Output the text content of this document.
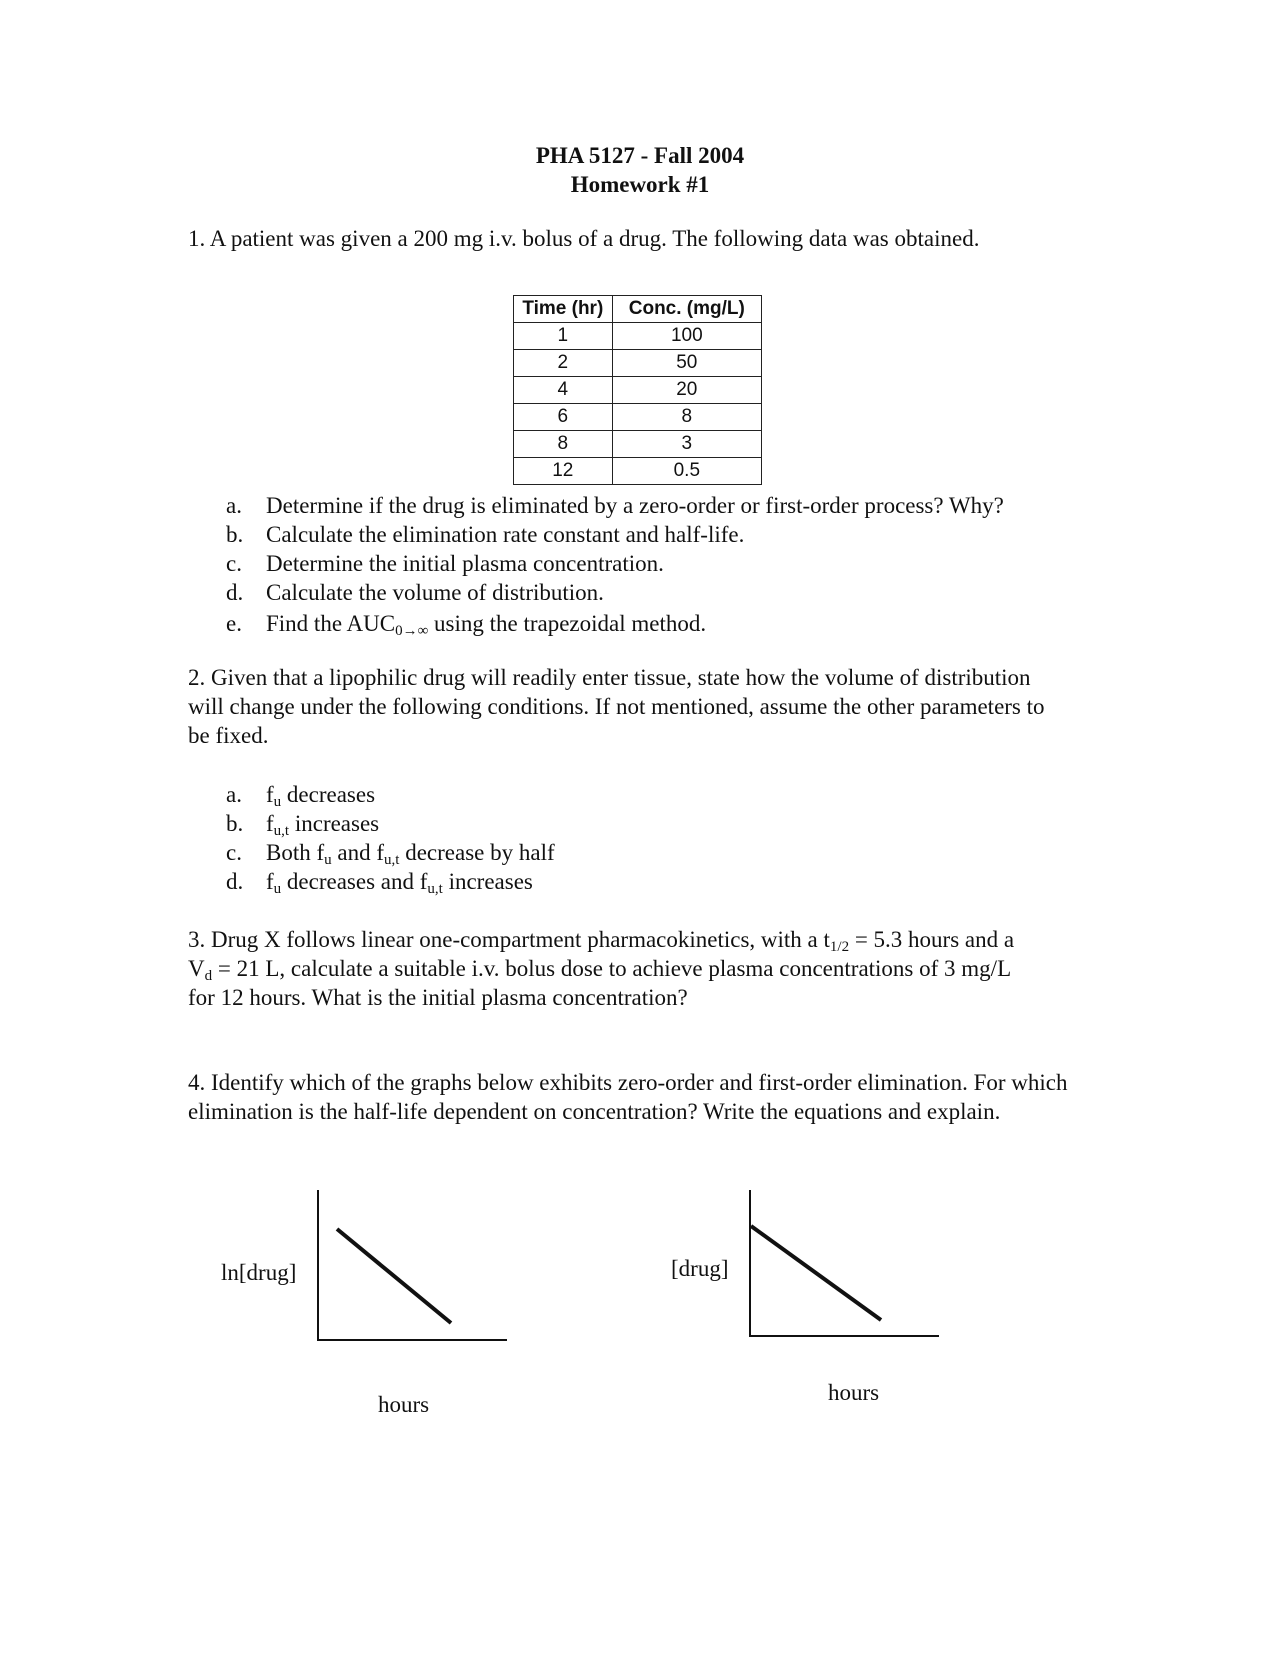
PHA 5127 - Fall 2004
Homework #1
1. A patient was given a 200 mg i.v. bolus of a drug. The following data was obtained.
Time (hr)	Conc. (mg/L)
1	100
2	50
4	20
6	8
8	3
12	0.5
a.	Determine if the drug is eliminated by a zero-order or first-order process? Why?
b. Calculate the elimination rate constant and half-life.
c.	Determine the initial plasma concentration.
d. Calculate the volume of distribution.
e.	Find the $AUC_{0\to\infty}$ using the trapezoidal method.
2. Given that a lipophilic drug will readily enter tissue, state how the volume of distribution will change under the following conditions. If not mentioned, assume the other parameters to be fixed.
a.	$f_u$ decreases
b. $f_{u,t}$ increases
c.	Both $f_u$ and $f_{u,t}$ decrease by half
d. $f_u$ decreases and $f_{u,t}$ increases
3. Drug X follows linear one-compartment pharmacokinetics, with a $t_{1/2} = 5.3$ hours and a
$V_d = 21$ L, calculate a suitable i.v. bolus dose to achieve plasma concentrations of 3 mg/L
for 12 hours. What is the initial plasma concentration?
4. Identify which of the graphs below exhibits zero-order and first-order elimination. For which elimination is the half-life dependent on concentration? Write the equations and explain.
ln[drug]
hours
[drug]
hours
